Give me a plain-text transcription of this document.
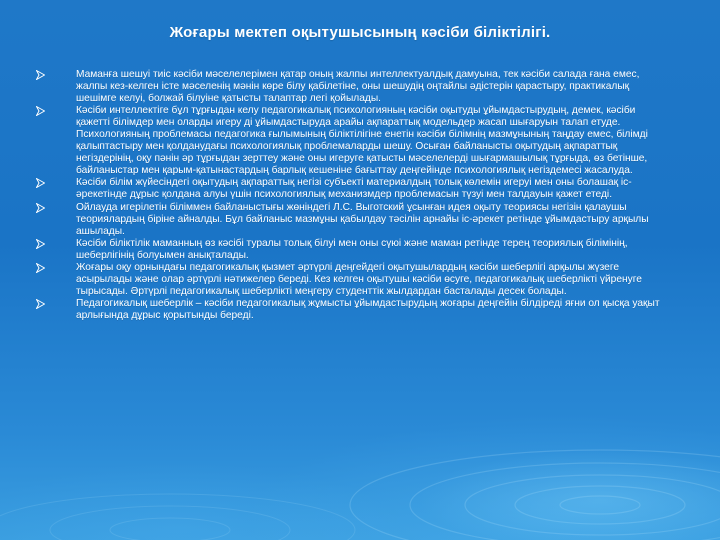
Жоғары мектеп оқытушысының кәсіби біліктілігі.
Маманға шешуі тиіс кәсіби мәселелерімен қатар оның жалпы интеллектуалдық дамуына, тек кәсіби салада ғана емес, жалпы кез-келген істе мәселенің мәнін көре білу қабілетіне, оны шешудің оңтайлы әдістерін қарастыру, практикалық шешімге келуі, болжай білуіне қатысты талаптар легі қойылады.
Кәсіби интеллектіге бұл тұрғыдан келу педагогикалық психологияның кәсіби оқытуды ұйымдастырудың, демек, кәсіби қажетті білімдер мен оларды игеру ді ұйымдастыруда арайы ақпараттық модельдер жасап шығаруын талап етуде. Психологияның проблемасы педагогика ғылымының біліктілігіне енетін кәсіби білімнің мазмұнының таңдау емес, білімді қалыптастыру мен қолданудағы психологиялық проблемаларды шешу. Осыған байланысты оқытудың ақпараттық негіздерінің, оқу пәнін әр тұрғыдан зерттеу және оны игеруге қатысты мәселелерді шығармашылық тұрғыда, өз бетінше, байланыстар мен қарым-қатынастардың барлық кешеніне бағыттау деңгейінде психологиялық негіздемесі жасалуда.
Кәсіби білім жүйесіндегі оқытудың ақпараттық негізі субъекті материалдың толық көлемін игеруі мен оны болашақ іс-әрекетінде дұрыс қолдана алуы үшін психологиялық механизмдер проблемасын түзуі мен талдауын қажет етеді.
Ойлауда игерілетін біліммен байланыстығы жөніндегі Л.С. Выготский ұсынған идея оқыту теориясы негізін қалаушы теориялардың біріне айналды. Бұл байланыс мазмұны қабылдау тәсілін арнайы іс-әрекет ретінде ұйымдастыру арқылы ашылады.
Кәсіби біліктілік маманның өз кәсібі туралы толық білуі мен оны сүюі және маман ретінде терең теориялық білімінің, шеберлігінің болуымен анықталады.
Жоғары оқу орнындағы педагогикалық қызмет әртүрлі деңгейдегі оқытушылардың кәсіби шеберлігі арқылы жүзеге асырылады және олар әртүрлі нәтижелер береді. Кез келген оқытушы кәсіби өсуге, педагогикалық шеберлікті үйренуге тырысады. Әртүрлі педагогикалық шеберлікті меңгеру студенттік жылдардан басталады десек болады.
Педагогикалық шеберлік – кәсіби педагогикалық жұмысты ұйымдастырудың жоғары деңгейін білдіреді яғни ол қысқа уақыт арлығында дұрыс қорытынды береді.
